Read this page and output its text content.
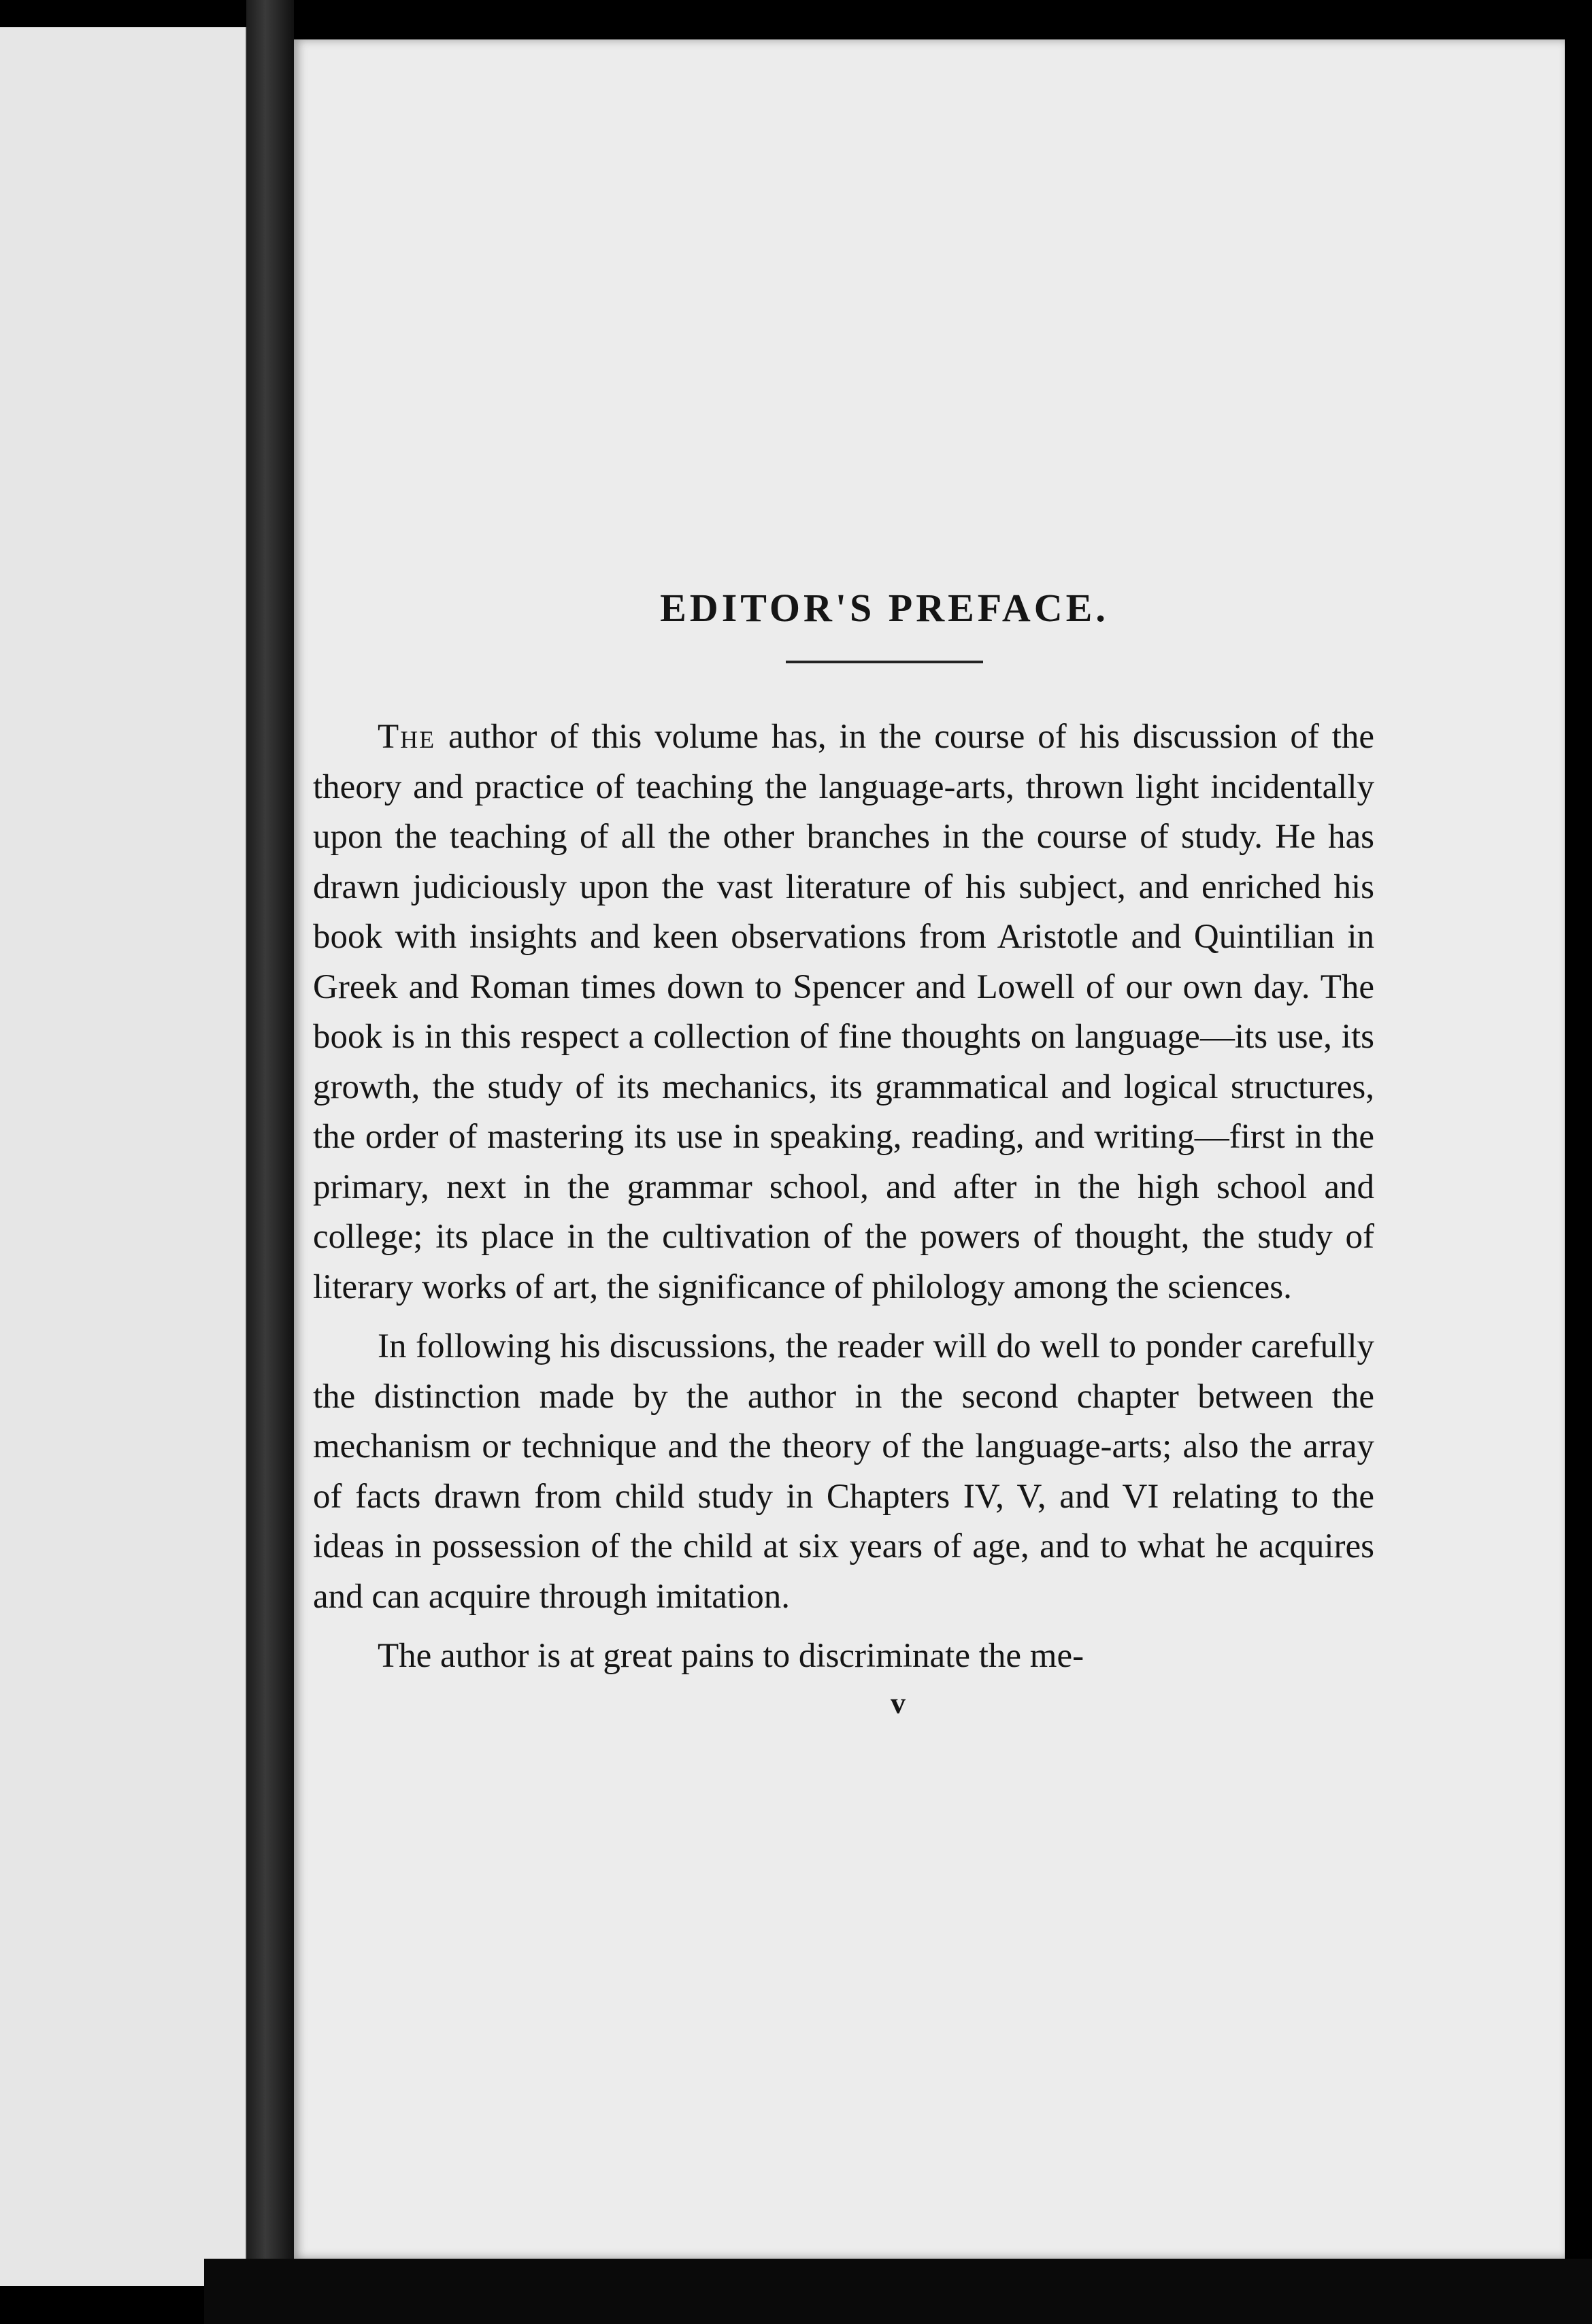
EDITOR'S PREFACE.

The author of this volume has, in the course of his discussion of the theory and practice of teaching the language-arts, thrown light incidentally upon the teaching of all the other branches in the course of study. He has drawn judiciously upon the vast literature of his subject, and enriched his book with insights and keen observations from Aristotle and Quintilian in Greek and Roman times down to Spencer and Lowell of our own day. The book is in this respect a collection of fine thoughts on language—its use, its growth, the study of its mechanics, its grammatical and logical structures, the order of mastering its use in speaking, reading, and writing—first in the primary, next in the grammar school, and after in the high school and college; its place in the cultivation of the powers of thought, the study of literary works of art, the significance of philology among the sciences.

In following his discussions, the reader will do well to ponder carefully the distinction made by the author in the second chapter between the mechanism or technique and the theory of the language-arts; also the array of facts drawn from child study in Chapters IV, V, and VI relating to the ideas in possession of the child at six years of age, and to what he acquires and can acquire through imitation.

The author is at great pains to discriminate the me-

v
